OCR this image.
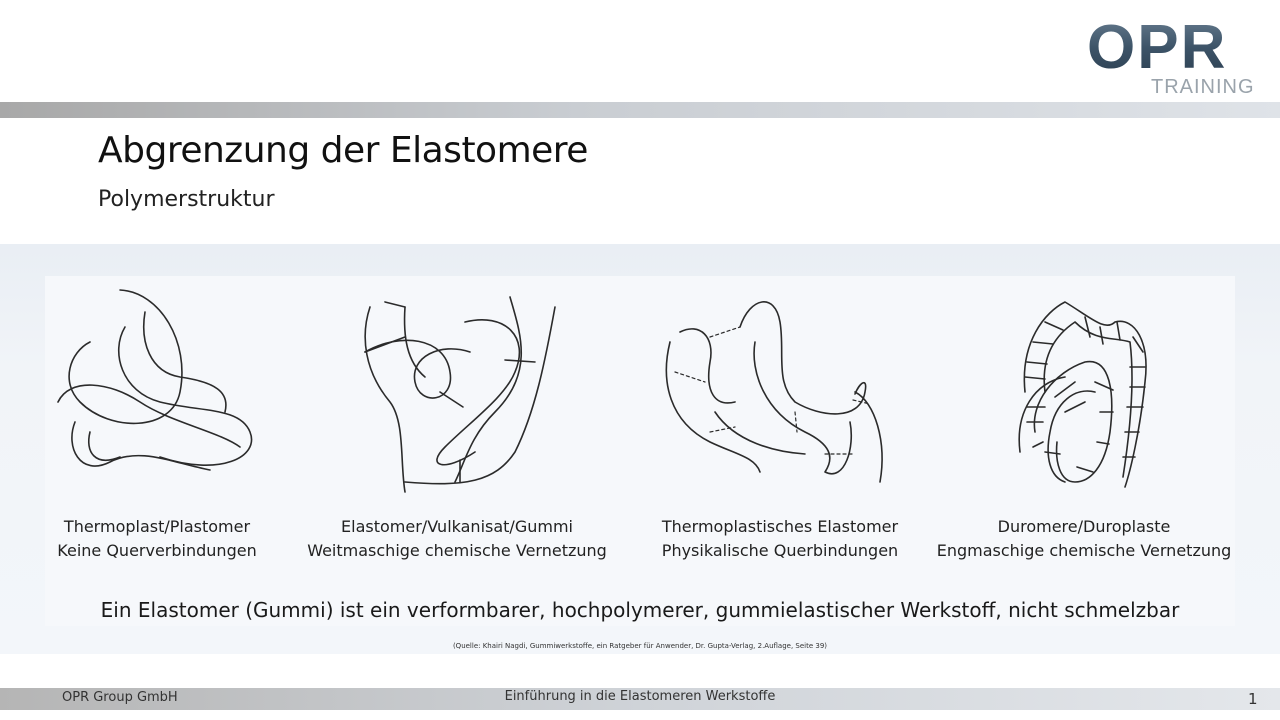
OPR
TRAINING
Abgrenzung der Elastomere
Polymerstruktur
Thermoplast/Plastomer
Keine Querverbindungen
Elastomer/Vulkanisat/Gummi
Weitmaschige chemische Vernetzung
Thermoplastisches Elastomer
Physikalische Querbindungen
Duromere/Duroplaste
Engmaschige chemische Vernetzung
Ein Elastomer (Gummi) ist ein verformbarer, hochpolymerer, gummielastischer Werkstoff, nicht schmelzbar
(Quelle: Khairi Nagdi, Gummiwerkstoffe, ein Ratgeber für Anwender, Dr. Gupta-Verlag, 2.Auflage, Seite 39)
OPR Group GmbH	Einführung in die Elastomeren Werkstoffe	1
